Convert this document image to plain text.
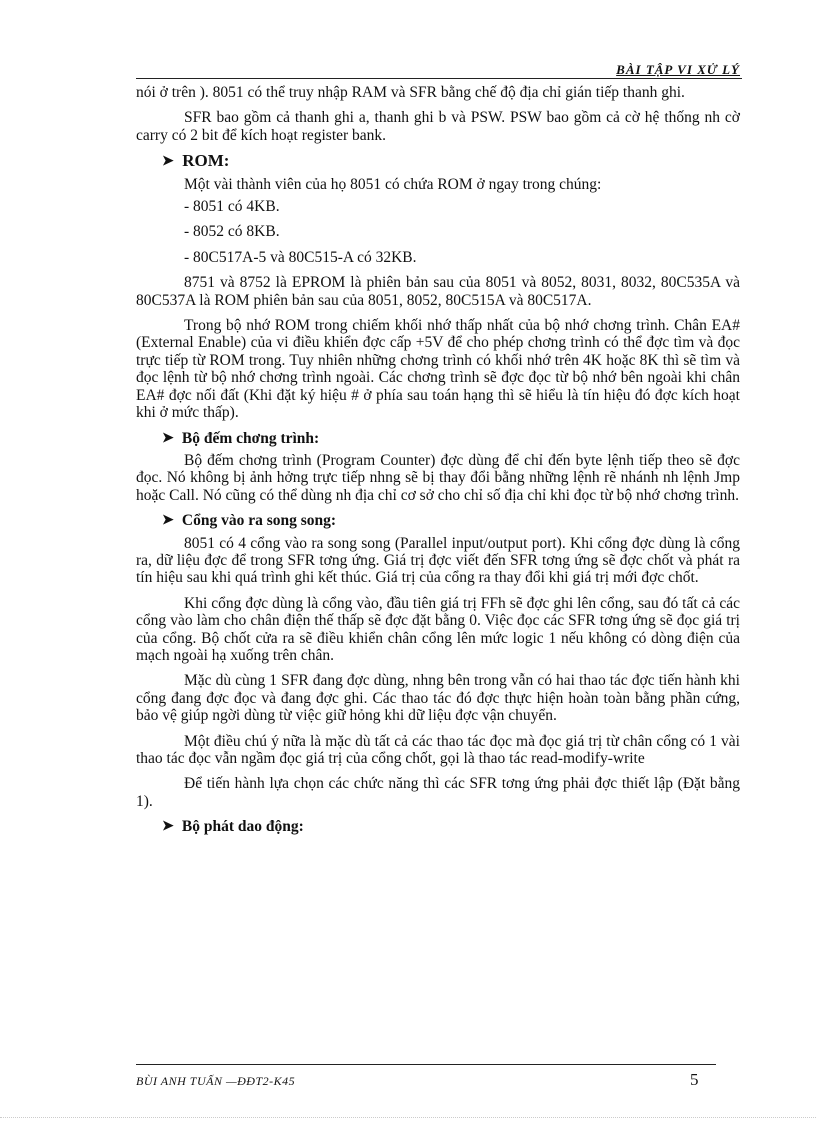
BÀI TẬP VI XỬ LÝ

nói ở trên ). 8051 có thể truy nhập RAM và SFR bằng chế độ địa chỉ gián tiếp thanh ghi.

SFR bao gồm cả thanh ghi a, thanh ghi b và PSW. PSW bao gồm cả cờ hệ thống nh cờ carry có 2 bit để kích hoạt register bank.

➤ ROM:

Một vài thành viên của họ 8051 có chứa ROM ở ngay trong chúng:

- 8051 có 4KB.
- 8052 có 8KB.
- 80C517A-5 và 80C515-A có 32KB.

8751 và 8752 là EPROM là phiên bản sau của 8051 và 8052, 8031, 8032, 80C535A và 80C537A là ROM phiên bản sau của 8051, 8052, 80C515A và 80C517A.

Trong bộ nhớ ROM trong chiếm khối nhớ thấp nhất của bộ nhớ chơng trình. Chân EA# (External Enable) của vi điều khiển đợc cấp +5V để cho phép chơng trình có thể đợc tìm và đọc trực tiếp từ ROM trong. Tuy nhiên những chơng trình có khối nhớ trên 4K hoặc 8K thì sẽ tìm và đọc lệnh từ bộ nhớ chơng trình ngoài. Các chơng trình sẽ đợc đọc từ bộ nhớ bên ngoài khi chân EA# đợc nối đất (Khi đặt ký hiệu # ở phía sau toán hạng thì sẽ hiểu là tín hiệu đó đợc kích hoạt khi ở mức thấp).

➤ Bộ đếm chơng trình:

Bộ đếm chơng trình (Program Counter) đợc dùng để chỉ đến byte lệnh tiếp theo sẽ đợc đọc. Nó không bị ảnh hởng trực tiếp nhng sẽ bị thay đổi bằng những lệnh rẽ nhánh nh lệnh Jmp hoặc Call. Nó cũng có thể dùng nh địa chỉ cơ sở cho chỉ số địa chỉ khi đọc từ bộ nhớ chơng trình.

➤ Cổng vào ra song song:

8051 có 4 cổng vào ra song song (Parallel input/output port). Khi cổng đợc dùng là cổng ra, dữ liệu đợc để trong SFR tơng ứng. Giá trị đợc viết đến SFR tơng ứng sẽ đợc chốt và phát ra tín hiệu sau khi quá trình ghi kết thúc. Giá trị của cổng ra thay đổi khi giá trị mới đợc chốt.

Khi cổng đợc dùng là cổng vào, đầu tiên giá trị FFh sẽ đợc ghi lên cổng, sau đó tất cả các cổng vào làm cho chân điện thế thấp sẽ đợc đặt bằng 0. Việc đọc các SFR tơng ứng sẽ đọc giá trị của cổng. Bộ chốt cửa ra sẽ điều khiển chân cổng lên mức logic 1 nếu không có dòng điện của mạch ngoài hạ xuống trên chân.

Mặc dù cùng 1 SFR đang đợc dùng, nhng bên trong vẫn có hai thao tác đợc tiến hành khi cổng đang đợc đọc và đang đợc ghi. Các thao tác đó đợc thực hiện hoàn toàn bằng phần cứng, bảo vệ giúp ngời dùng từ việc giữ hỏng khi dữ liệu đợc vận chuyển.

Một điều chú ý nữa là mặc dù tất cả các thao tác đọc mà đọc giá trị từ chân cổng có 1 vài thao tác đọc vẫn ngầm đọc giá trị của cổng chốt, gọi là thao tác read-modify-write

Để tiến hành lựa chọn các chức năng thì các SFR tơng ứng phải đợc thiết lập (Đặt bằng 1).

➤ Bộ phát dao động:
BÙI ANH TUẤN —ĐĐT2-K45	5
